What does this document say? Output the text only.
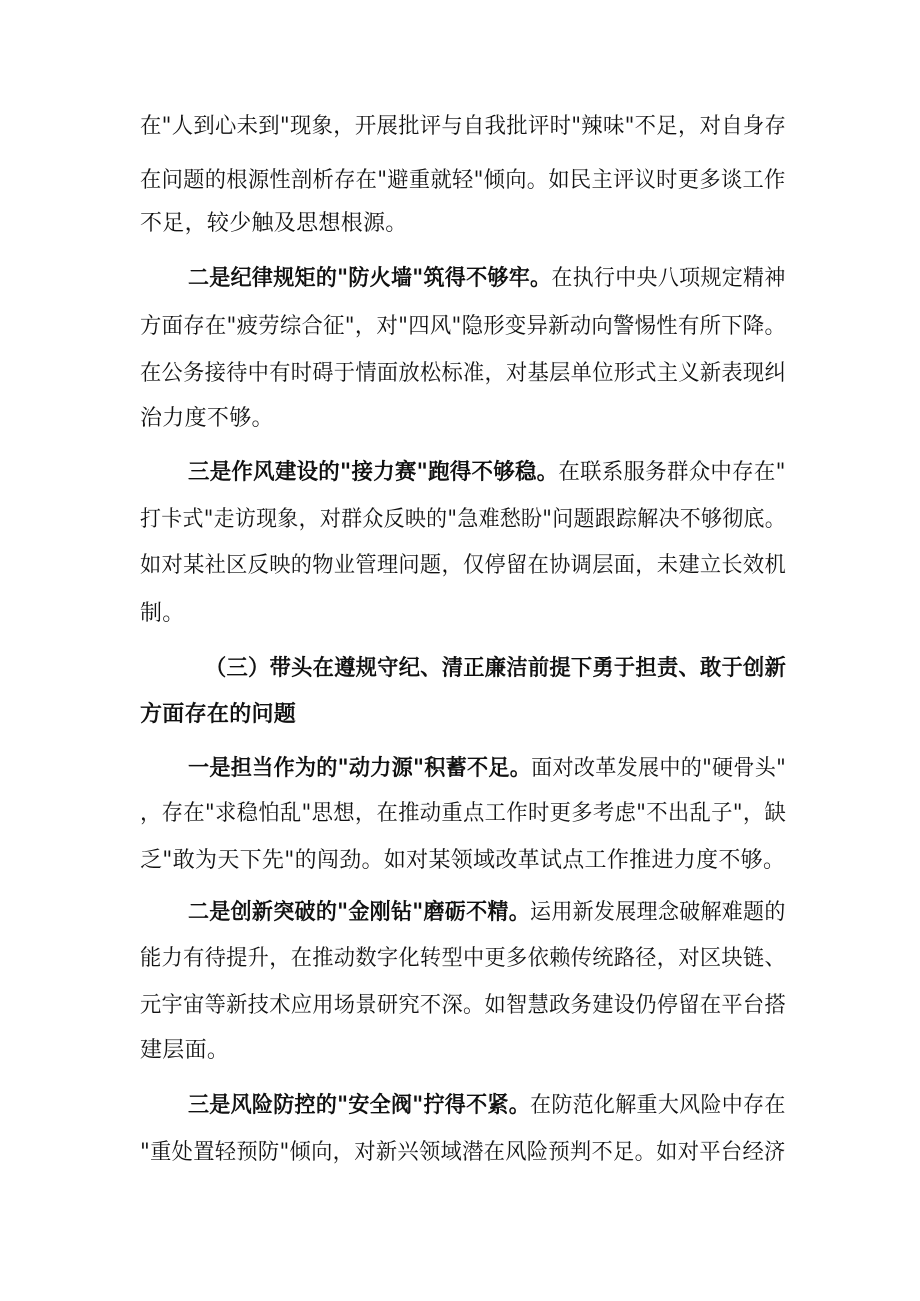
在"人到心未到"现象，开展批评与自我批评时"辣味"不足，对自身存
在问题的根源性剖析存在"避重就轻"倾向。如民主评议时更多谈工作
不足，较少触及思想根源。
二是纪律规矩的"防火墙"筑得不够牢。在执行中央八项规定精神
方面存在"疲劳综合征"，对"四风"隐形变异新动向警惕性有所下降。
在公务接待中有时碍于情面放松标准，对基层单位形式主义新表现纠
治力度不够。
三是作风建设的"接力赛"跑得不够稳。在联系服务群众中存在"
打卡式"走访现象，对群众反映的"急难愁盼"问题跟踪解决不够彻底。
如对某社区反映的物业管理问题，仅停留在协调层面，未建立长效机
制。
（三）带头在遵规守纪、清正廉洁前提下勇于担责、敢于创新
方面存在的问题
一是担当作为的"动力源"积蓄不足。面对改革发展中的"硬骨头"
，存在"求稳怕乱"思想，在推动重点工作时更多考虑"不出乱子"，缺
乏"敢为天下先"的闯劲。如对某领域改革试点工作推进力度不够。
二是创新突破的"金刚钻"磨砺不精。运用新发展理念破解难题的
能力有待提升，在推动数字化转型中更多依赖传统路径，对区块链、
元宇宙等新技术应用场景研究不深。如智慧政务建设仍停留在平台搭
建层面。
三是风险防控的"安全阀"拧得不紧。在防范化解重大风险中存在
"重处置轻预防"倾向，对新兴领域潜在风险预判不足。如对平台经济
